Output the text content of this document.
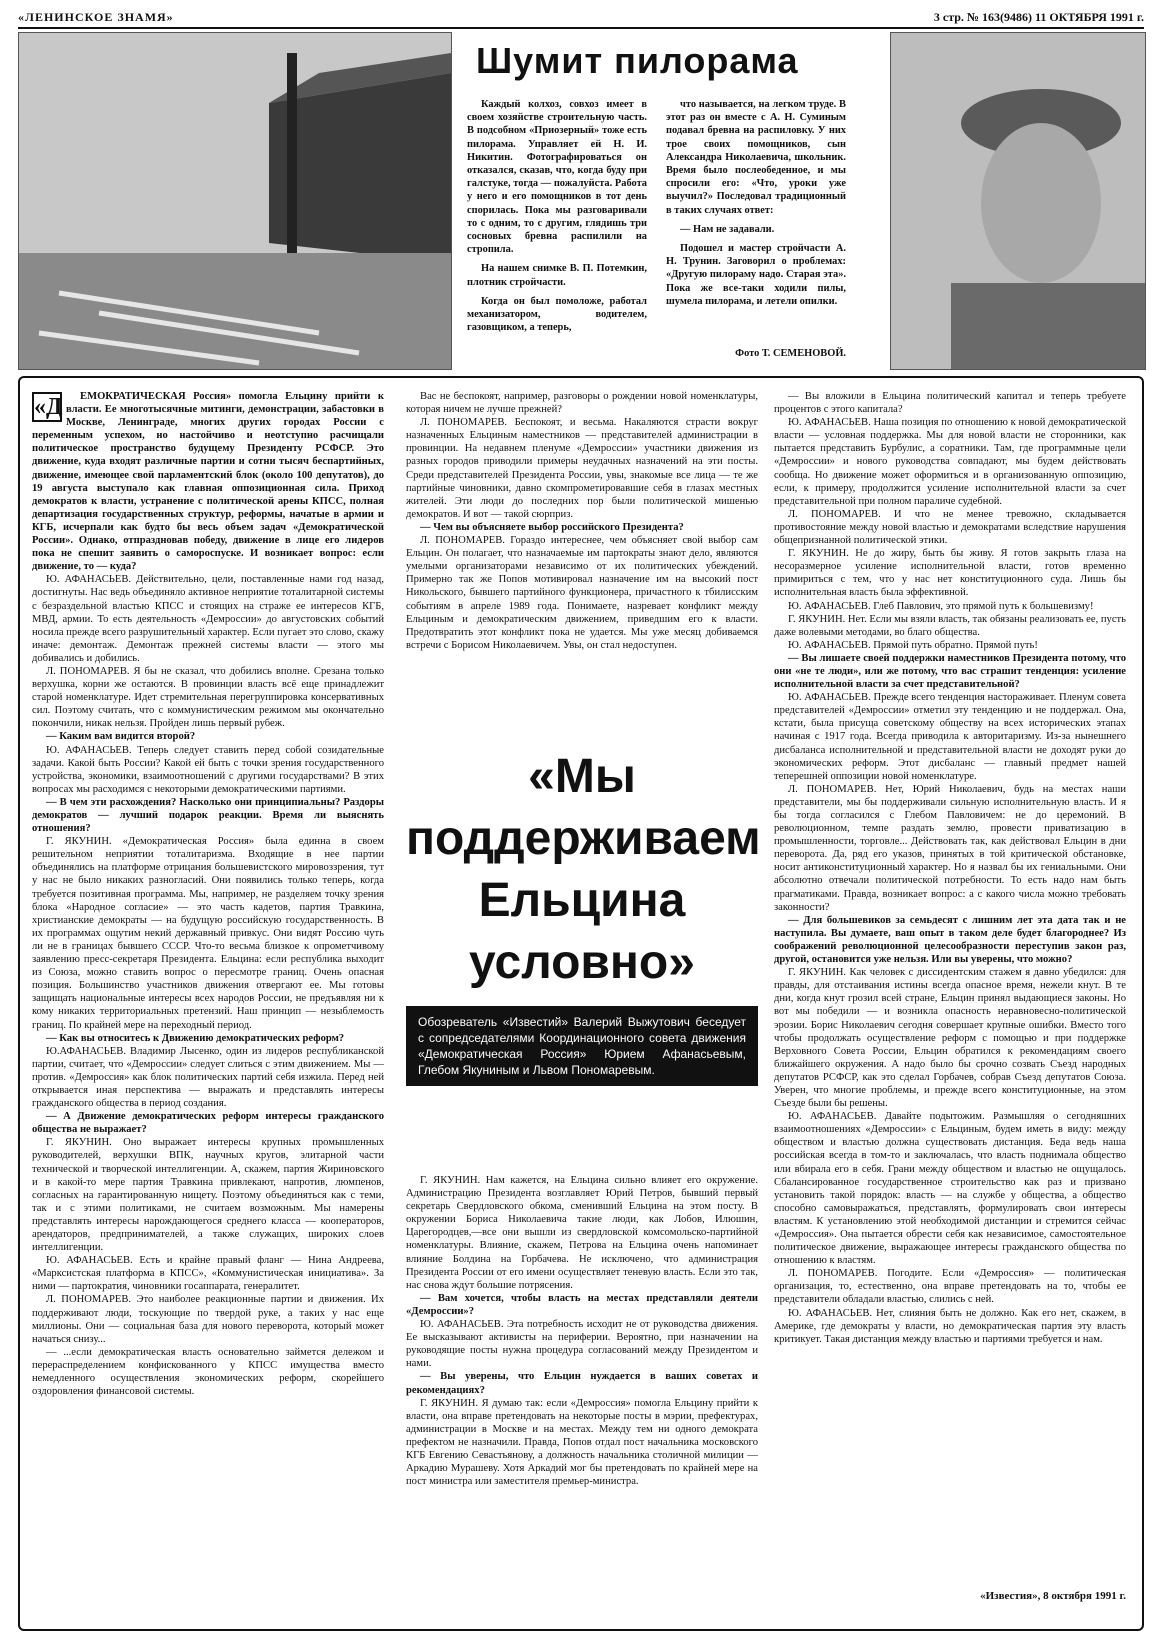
«ЛЕНИНСКОЕ ЗНАМЯ»	3 стр. № 163(9486) 11 ОКТЯБРЯ 1991 г.
Шумит пилорама

Каждый колхоз, совхоз имеет в своем хозяйстве строительную часть. В подсобном «Приозерный» тоже есть пилорама. Управляет ей Н. И. Никитин. Фотографироваться он отказался, сказав, что, когда буду при галстуке, тогда — пожалуйста. Работа у него и его помощников в тот день спорилась. Пока мы разговаривали то с одним, то с другим, глядишь три сосновых бревна распилили на стропила.

На нашем снимке В. П. Потемкин, плотник стройчасти.

Когда он был помоложе, работал механизатором, водителем, газовщиком, а теперь,

что называется, на легком труде. В этот раз он вместе с А. Н. Суминым подавал бревна на распиловку. У них трое своих помощников, сын Александра Николаевича, школьник. Время было послеобеденное, и мы спросили его: «Что, уроки уже выучил?» Последовал традиционный в таких случаях ответ:

— Нам не задавали.

Подошел и мастер стройчасти А. Н. Трунин. Заговорил о проблемах: «Другую пилораму надо. Старая эта». Пока же все-таки ходили пилы, шумела пилорама, и летели опилки.

Фото Т. СЕМЕНОВОЙ.
«Д	ЕМОКРАТИЧЕСКАЯ Россия» помогла Ельцину прийти к власти. Ее многотысячные митинги, демонстрации, забастовки в Москве, Ленинграде, многих других городах России с переменным успехом, но настойчиво и неотступно расчищали политическое пространство будущему Президенту РСФСР. Это движение, куда входят различные партии и сотни тысяч беспартийных, движение, имеющее свой парламентский блок (около 100 депутатов), до 19 августа выступало как главная оппозиционная сила. Приход демократов к власти, устранение с политической арены КПСС, полная департизация государственных структур, реформы, начатые в армии и КГБ, исчерпали как будто бы весь объем задач «Демократической России». Однако, отпраздновав победу, движение в лице его лидеров пока не спешит заявить о самороспуске. И возникает вопрос: если движение, то — куда?

Ю. АФАНАСЬЕВ. Действительно, цели, поставленные нами год назад, достигнуты. Нас ведь объединяло активное неприятие тоталитарной системы с безраздельной властью КПСС и стоящих на страже ее интересов КГБ, МВД, армии. То есть деятельность «Демроссии» до августовских событий носила прежде всего разрушительный характер. Если пугает это слово, скажу иначе: демонтаж. Демонтаж прежней системы власти — этого мы добивались и добились.

Л. ПОНОМАРЕВ. Я бы не сказал, что добились вполне. Срезана только верхушка, корни же остаются. В провинции власть всё еще принадлежит старой номенклатуре. Идет стремительная перегруппировка консервативных сил. Поэтому считать, что с коммунистическим режимом мы окончательно покончили, никак нельзя. Пройден лишь первый рубеж.

— Каким вам видится второй?

Ю. АФАНАСЬЕВ. Теперь следует ставить перед собой созидательные задачи. Какой быть России? Какой ей быть с точки зрения государственного устройства, экономики, взаимоотношений с другими государствами? В этих вопросах мы расходимся с некоторыми демократическими партиями.

— В чем эти расхождения? Насколько они принципиальны? Раздоры демократов — лучший подарок реакции. Время ли выяснять отношения?

Г. ЯКУНИН. «Демократическая Россия» была единна в своем решительном неприятии тоталитаризма. Входящие в нее партии объединялись на платформе отрицания большевистского мировоззрения, тут у нас не было никаких разногласий. Они появились только теперь, когда требуется позитивная программа. Мы, например, не разделяем точку зрения блока «Народное согласие» — это часть кадетов, партия Травкина, христианские демократы — на будущую российскую государственность. В их программах ощутим некий державный привкус. Они видят Россию чуть ли не в границах бывшего СССР. Что-то весьма близкое к опрометчивому заявлению пресс-секретаря Президента. Ельцина: если республика выходит из Союза, можно ставить вопрос о пересмотре границ. Очень опасная позиция. Большинство участников движения отвергают ее. Мы готовы защищать национальные интересы всех народов России, не предъявляя ни к кому никаких территориальных претензий. Наш принцип — незыблемость границ. По крайней мере на переходный период.

— Как вы относитесь к Движению демократических реформ?

Ю.АФАНАСЬЕВ. Владимир Лысенко, один из лидеров республиканской партии, считает, что «Демроссии» следует слиться с этим движением. Мы — против. «Демроссия» как блок политических партий себя изжила. Перед ней открывается иная перспектива — выражать и представлять интересы гражданского общества в период создания.

— А Движение демократических реформ интересы гражданского общества не выражает?

Г. ЯКУНИН. Оно выражает интересы крупных промышленных руководителей, верхушки ВПК, научных кругов, элитарной части технической и творческой интеллигенции. А, скажем, партия Жириновского и в какой-то мере партия Травкина привлекают, напротив, люмпенов, согласных на гарантированную нищету. Поэтому объединяться как с теми, так и с этими политиками, не считаем возможным. Мы намерены представлять интересы нарождающегося среднего класса — кооператоров, арендаторов, предпринимателей, а также служащих, широких слоев интеллигенции.

Ю. АФАНАСЬЕВ. Есть и крайне правый фланг — Нина Андреева, «Марксистская платформа в КПСС», «Коммунистическая инициатива». За ними — партократия, чиновники госаппарата, генералитет.

Л. ПОНОМАРЕВ. Это наиболее реакционные партии и движения. Их поддерживают люди, тоскующие по твердой руке, а таких у нас еще миллионы. Они — социальная база для нового переворота, который может начаться снизу...

— ...если демократическая власть основательно займется дележом и перераспределением конфискованного у КПСС имущества вместо немедленного осуществления экономических реформ, скорейшего оздоровления финансовой системы.

Вас не беспокоят, например, разговоры о рождении новой номенклатуры, которая ничем не лучше прежней?

Л. ПОНОМАРЕВ. Беспокоят, и весьма. Накаляются страсти вокруг назначенных Ельциным наместников — представителей администрации в провинции. На недавнем пленуме «Демроссии» участники движения из разных городов приводили примеры неудачных назначений на эти посты. Среди представителей Президента России, увы, знакомые все лица — те же партийные чиновники, давно скомпрометировавшие себя в глазах местных жителей. Эти люди до последних пор были политической мишенью демократов. И вот — такой сюрприз.

— Чем вы объясняете выбор российского Президента?

Л. ПОНОМАРЕВ. Гораздо интереснее, чем объясняет свой выбор сам Ельцин. Он полагает, что назначаемые им партократы знают дело, являются умелыми организаторами независимо от их политических убеждений. Примерно так же Попов мотивировал назначение им на высокий пост Никольского, бывшего партийного функционера, причастного к тбилисским событиям в апреле 1989 года. Понимаете, назревает конфликт между Ельциным и демократическим движением, приведшим его к власти. Предотвратить этот конфликт пока не удается. Мы уже месяц добиваемся встречи с Борисом Николаевичем. Увы, он стал недоступен.

«Мы поддерживаем Ельцина условно»
Обозреватель «Известий» Валерий Выжутович беседует с сопредседателями Координационного совета движения «Демократическая Россия» Юрием Афанасьевым, Глебом Якуниным и Львом Пономаревым.

Г. ЯКУНИН. Нам кажется, на Ельцина сильно влияет его окружение. Администрацию Президента возглавляет Юрий Петров, бывший первый секретарь Свердловского обкома, сменивший Ельцина на этом посту. В окружении Бориса Николаевича такие люди, как Лобов, Илюшин, Царегородцев,—все они вышли из свердловской комсомольско-партийной номенклатуры. Влияние, скажем, Петрова на Ельцина очень напоминает влияние Болдина на Горбачева. Не исключено, что администрация Президента России от его имени осуществляет теневую власть. Если это так, нас снова ждут большие потрясения.

— Вам хочется, чтобы власть на местах представляли деятели «Демроссии»?

Ю. АФАНАСЬЕВ. Эта потребность исходит не от руководства движения. Ее высказывают активисты на периферии. Вероятно, при назначении на руководящие посты нужна процедура согласований между Президентом и нами.

— Вы уверены, что Ельцин нуждается в ваших советах и рекомендациях?

Г. ЯКУНИН. Я думаю так: если «Демроссия» помогла Ельцину прийти к власти, она вправе претендовать на некоторые посты в мэрии, префектурах, администрации в Москве и на местах. Между тем ни одного демократа префектом не назначили. Правда, Попов отдал пост начальника московского КГБ Евгению Севастьянову, а должность начальника столичной милиции — Аркадию Мурашеву. Хотя Аркадий мог бы претендовать по крайней мере на пост министра или заместителя премьер-министра.

— Вы вложили в Ельцина политический капитал и теперь требуете процентов с этого капитала?

Ю. АФАНАСЬЕВ. Наша позиция по отношению к новой демократической власти — условная поддержка. Мы для новой власти не сторонники, как пытается представить Бурбулис, а соратники. Там, где программные цели «Демроссии» и нового руководства совпадают, мы будем действовать сообща. Но движение может оформиться и в организованную оппозицию, если, к примеру, продолжится усиление исполнительной власти за счет представительной при полном параличе судебной.

Л. ПОНОМАРЕВ. И что не менее тревожно, складывается противостояние между новой властью и демократами вследствие нарушения общепризнанной политической этики.

Г. ЯКУНИН. Не до жиру, быть бы живу. Я готов закрыть глаза на несоразмерное усиление исполнительной власти, готов временно примириться с тем, что у нас нет конституционного суда. Лишь бы исполнительная власть была эффективной.

Ю. АФАНАСЬЕВ. Глеб Павлович, это прямой путь к большевизму!

Г. ЯКУНИН. Нет. Если мы взяли власть, так обязаны реализовать ее, пусть даже волевыми методами, во благо общества.

Ю. АФАНАСЬЕВ. Прямой путь обратно. Прямой путь!

— Вы лишаете своей поддержки наместников Президента потому, что они «не те люди», или же потому, что вас страшит тенденция: усиление исполнительной власти за счет представительной?

Ю. АФАНАСЬЕВ. Прежде всего тенденция настораживает. Пленум совета представителей «Демроссии» отметил эту тенденцию и не поддержал. Она, кстати, была присуща советскому обществу на всех исторических этапах начиная с 1917 года. Всегда приводила к авторитаризму. Из-за нынешнего дисбаланса исполнительной и представительной власти не доходят руки до экономических реформ. Этот дисбаланс — главный предмет нашей теперешней оппозиции новой номенклатуре.

Л. ПОНОМАРЕВ. Нет, Юрий Николаевич, будь на местах наши представители, мы бы поддерживали сильную исполнительную власть. И я бы тогда согласился с Глебом Павловичем: не до церемоний. В революционном, темпе раздать землю, провести приватизацию в промышленности, торговле... Действовать так, как действовал Ельцин в дни переворота. Да, ряд его указов, принятых в той критической обстановке, носит антиконституционный характер. Но я назвал бы их гениальными. Они абсолютно отвечали политической потребности. То есть надо нам быть прагматиками. Правда, возникает вопрос: а с какого числа можно требовать законности?

— Для большевиков за семьдесят с лишним лет эта дата так и не наступила. Вы думаете, ваш опыт в таком деле будет благороднее? Из соображений революционной целесообразности переступив закон раз, другой, остановится уже нельзя. Или вы уверены, что можно?

Г. ЯКУНИН. Как человек с диссидентским стажем я давно убедился: для правды, для отстаивания истины всегда опасное время, нежели кнут. В те дни, когда кнут грозил всей стране, Ельцин принял выдающиеся законы. Но вот мы победили — и возникла опасность неравновесно-политической эрозии. Борис Николаевич сегодня совершает крупные ошибки. Вместо того чтобы продолжать осуществление реформ с помощью и при поддержке Верховного Совета России, Ельцин обратился к рекомендациям своего ближайшего окружения. А надо было бы срочно созвать Съезд народных депутатов РСФСР, как это сделал Горбачев, собрав Съезд депутатов Союза. Уверен, что многие проблемы, и прежде всего конституционные, на этом Съезде были бы решены.

Ю. АФАНАСЬЕВ. Давайте подытожим. Размышляя о сегодняшних взаимоотношениях «Демроссии» с Ельциным, будем иметь в виду: между обществом и властью должна существовать дистанция. Беда ведь наша российская всегда в том-то и заключалась, что власть поднимала общество или вбирала его в себя. Грани между обществом и властью не ощущалось. Сбалансированное государственное строительство как раз и призвано установить такой порядок: власть — на службе у общества, а общество способно самовыражаться, представлять, формулировать свои интересы властям. К установлению этой необходимой дистанции и стремится сейчас «Демроссия». Она пытается обрести себя как независимое, самостоятельное политическое движение, выражающее интересы гражданского общества по отношению к властям.

Л. ПОНОМАРЕВ. Погодите. Если «Демроссия» — политическая организация, то, естественно, она вправе претендовать на то, чтобы ее представители обладали властью, слились с ней.

Ю. АФАНАСЬЕВ. Нет, слияния быть не должно. Как его нет, скажем, в Америке, где демократы у власти, но демократическая партия эту власть критикует. Такая дистанция между властью и партиями требуется и нам.

«Известия», 8 октября 1991 г.
